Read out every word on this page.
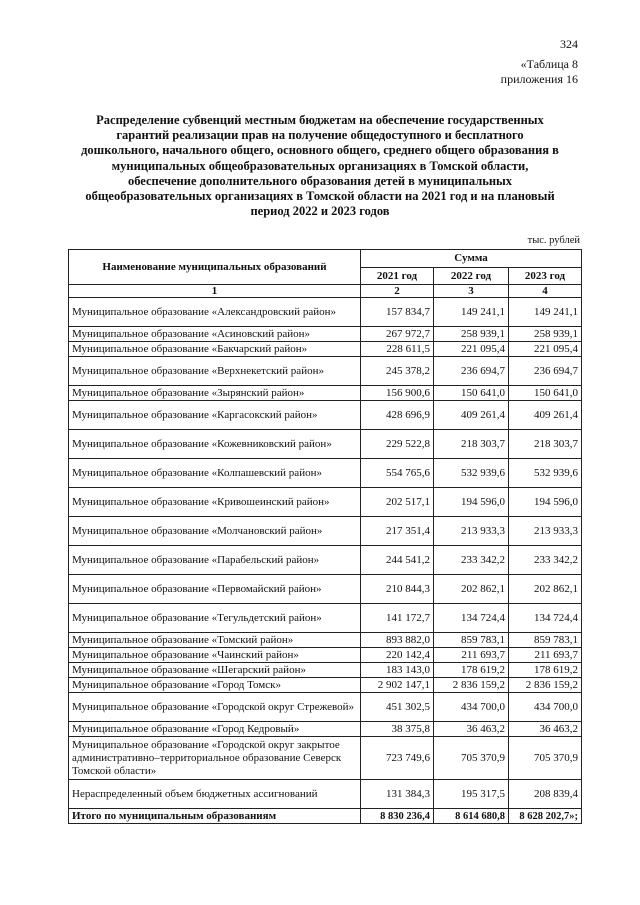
324
«Таблица 8
приложения 16
Распределение субвенций местным бюджетам на обеспечение государственных гарантий реализации прав на получение общедоступного и бесплатного дошкольного, начального общего, основного общего, среднего общего образования в муниципальных общеобразовательных организациях в Томской области, обеспечение дополнительного образования детей в муниципальных общеобразовательных организациях в Томской области на 2021 год и на плановый период 2022 и 2023 годов
тыс. рублей
Наименование муниципальных образований	Сумма		
	2021 год	2022 год	2023 год
1	2	3	4
Муниципальное образование «Александровский район»	157 834,7	149 241,1	149 241,1
Муниципальное образование «Асиновский район»	267 972,7	258 939,1	258 939,1
Муниципальное образование «Бакчарский район»	228 611,5	221 095,4	221 095,4
Муниципальное образование «Верхнекетский район»	245 378,2	236 694,7	236 694,7
Муниципальное образование «Зырянский район»	156 900,6	150 641,0	150 641,0
Муниципальное образование «Каргасокский район»	428 696,9	409 261,4	409 261,4
Муниципальное образование «Кожевниковский район»	229 522,8	218 303,7	218 303,7
Муниципальное образование «Колпашевский район»	554 765,6	532 939,6	532 939,6
Муниципальное образование «Кривошеинский район»	202 517,1	194 596,0	194 596,0
Муниципальное образование «Молчановский район»	217 351,4	213 933,3	213 933,3
Муниципальное образование «Парабельский район»	244 541,2	233 342,2	233 342,2
Муниципальное образование «Первомайский район»	210 844,3	202 862,1	202 862,1
Муниципальное образование «Тегульдетский район»	141 172,7	134 724,4	134 724,4
Муниципальное образование «Томский район»	893 882,0	859 783,1	859 783,1
Муниципальное образование «Чаинский район»	220 142,4	211 693,7	211 693,7
Муниципальное образование «Шегарский район»	183 143,0	178 619,2	178 619,2
Муниципальное образование «Город Томск»	2 902 147,1	2 836 159,2	2 836 159,2
Муниципальное образование «Городской округ Стрежевой»	451 302,5	434 700,0	434 700,0
Муниципальное образование «Город Кедровый»	38 375,8	36 463,2	36 463,2
Муниципальное образование «Городской округ закрытое административно–территориальное образование Северск Томской области»	723 749,6	705 370,9	705 370,9
Нераспределенный объем бюджетных ассигнований	131 384,3	195 317,5	208 839,4
Итого по муниципальным образованиям	8 830 236,4	8 614 680,8	8 628 202,7»;
